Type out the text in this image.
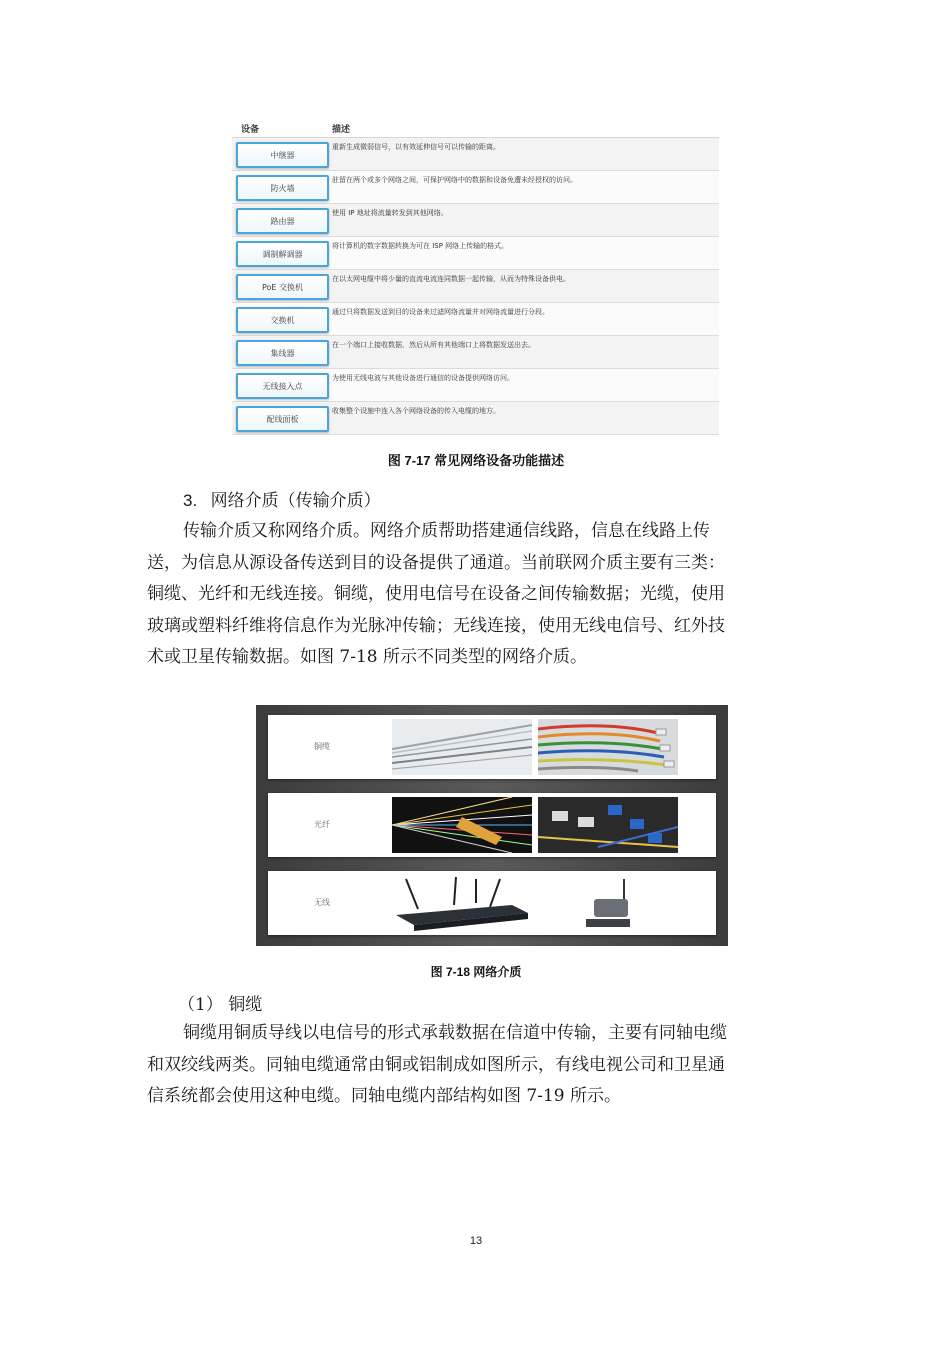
设备	描述
中继器
重新生成微弱信号，以有效延伸信号可以传输的距离。
防火墙
驻留在两个或多个网络之间，可保护网络中的数据和设备免遭未经授权的访问。
路由器
使用 IP 地址将流量转发到其他网络。
调制解调器
将计算机的数字数据转换为可在 ISP 网络上传输的格式。
PoE 交换机
在以太网电缆中将少量的直流电流连同数据一起传输，从而为特殊设备供电。
交换机
通过只将数据发送到目的设备来过滤网络流量并对网络流量进行分段。
集线器
在一个端口上接收数据，然后从所有其他端口上将数据发送出去。
无线接入点
为使用无线电波与其他设备进行通信的设备提供网络访问。
配线面板
收集整个设施中连入各个网络设备的传入电缆的地方。
图 7-17 常见网络设备功能描述
3. 网络介质（传输介质）
传输介质又称网络介质。网络介质帮助搭建通信线路，信息在线路上传
送，为信息从源设备传送到目的设备提供了通道。当前联网介质主要有三类：
铜缆、光纤和无线连接。铜缆，使用电信号在设备之间传输数据；光缆，使用
玻璃或塑料纤维将信息作为光脉冲传输；无线连接，使用无线电信号、红外技
术或卫星传输数据。如图 7-18 所示不同类型的网络介质。
铜缆
光纤
无线
图 7-18 网络介质
（1） 铜缆
铜缆用铜质导线以电信号的形式承载数据在信道中传输，主要有同轴电缆
和双绞线两类。同轴电缆通常由铜或铝制成如图所示，有线电视公司和卫星通
信系统都会使用这种电缆。同轴电缆内部结构如图 7-19 所示。
13
